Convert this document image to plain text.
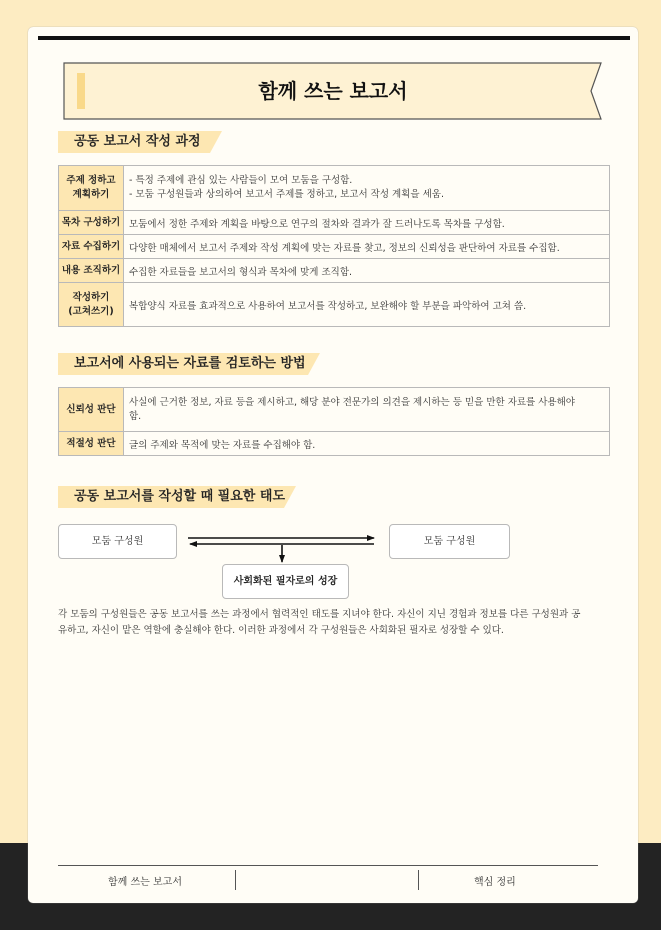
함께 쓰는 보고서
공동 보고서 작성 과정
주제 정하고
계획하기	- 특정 주제에 관심 있는 사람들이 모여 모둠을 구성함.
- 모둠 구성원들과 상의하여 보고서 주제를 정하고, 보고서 작성 계획을 세움.

목차 구성하기	모둠에서 정한 주제와 계획을 바탕으로 연구의 절차와 결과가 잘 드러나도록 목차를 구성함.
자료 수집하기	다양한 매체에서 보고서 주제와 작성 계획에 맞는 자료를 찾고, 정보의 신뢰성을 판단하여 자료를 수집함.
내용 조직하기	수집한 자료들을 보고서의 형식과 목차에 맞게 조직함.

작성하기
(고쳐쓰기)	복합양식 자료를 효과적으로 사용하여 보고서를 작성하고, 보완해야 할 부분을 파악하여 고쳐 씀.
보고서에 사용되는 자료를 검토하는 방법
신뢰성 판단	사실에 근거한 정보, 자료 등을 제시하고, 해당 분야 전문가의 의견을 제시하는 등 믿을 만한 자료를 사용해야
함.

적절성 판단	글의 주제와 목적에 맞는 자료를 수집해야 함.
공동 보고서를 작성할 때 필요한 태도
모둠 구성원	모둠 구성원
사회화된 필자로의 성장
각 모둠의 구성원들은 공동 보고서를 쓰는 과정에서 협력적인 태도를 지녀야 한다. 자신이 지닌 경험과 정보를 다른 구성원과 공
유하고, 자신이 맡은 역할에 충실해야 한다. 이러한 과정에서 각 구성원들은 사회화된 필자로 성장할 수 있다.
함께 쓰는 보고서	핵심 정리
